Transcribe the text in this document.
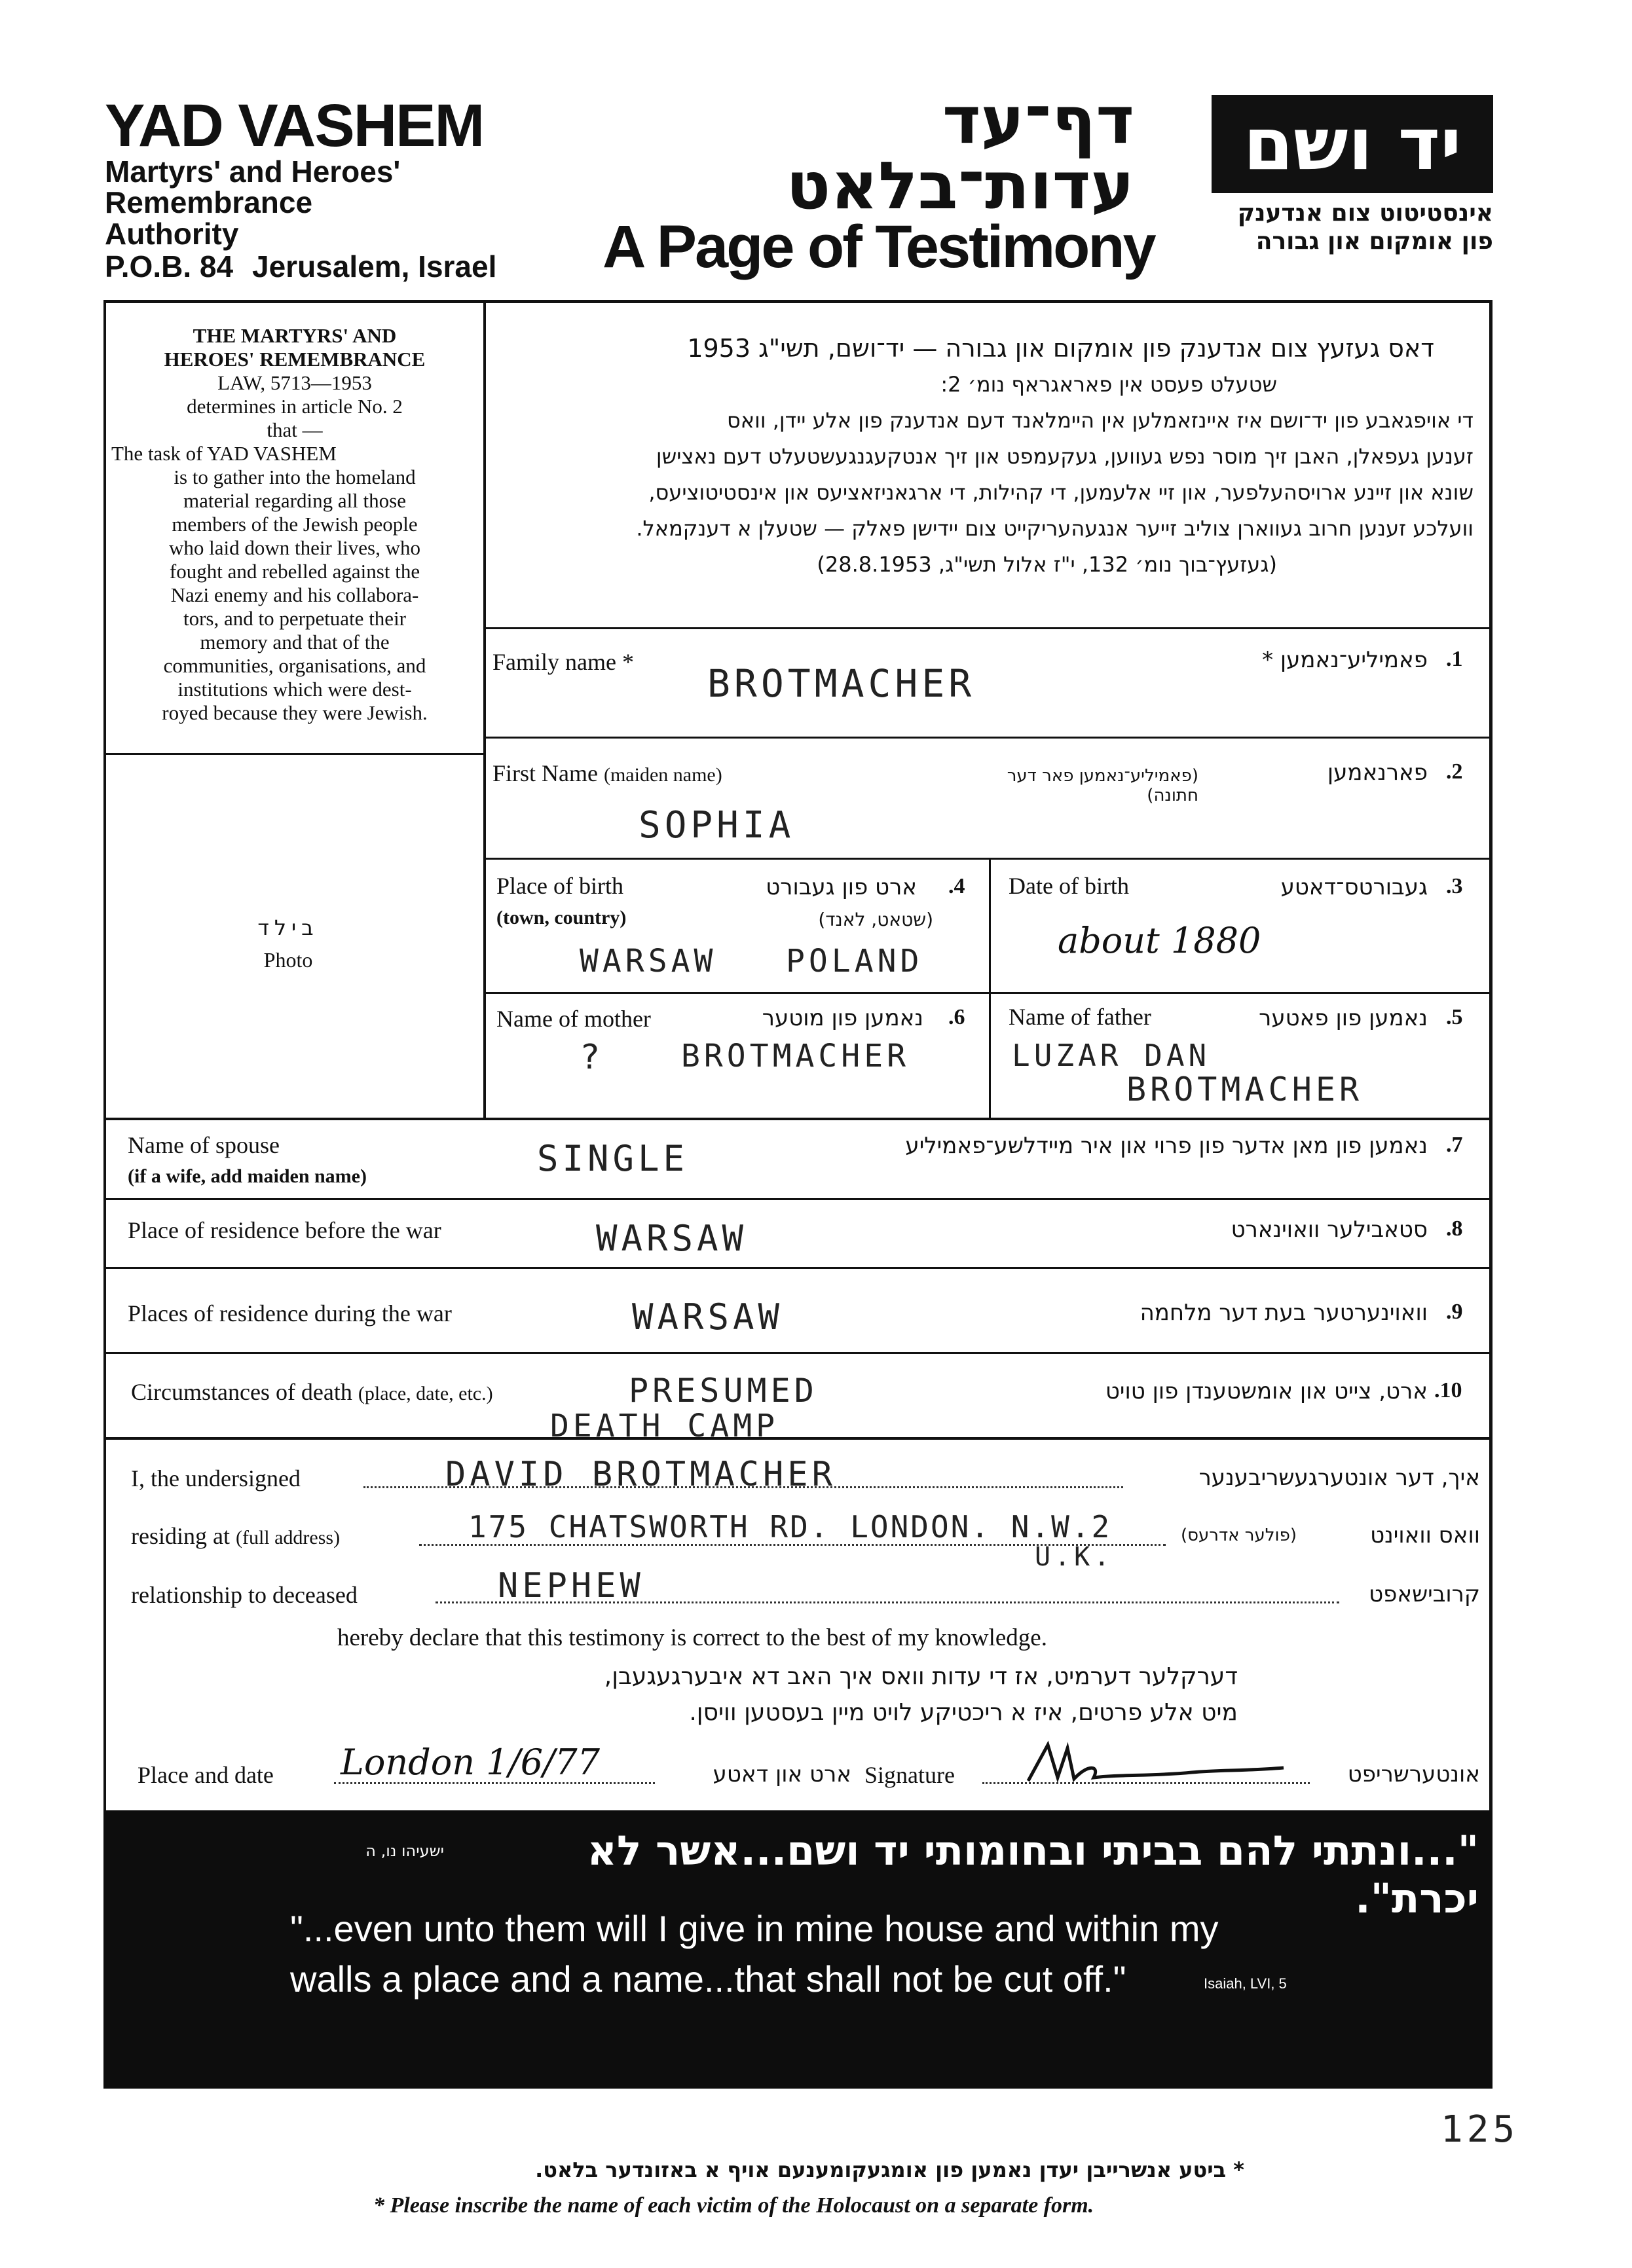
YAD VASHEM
Martyrs' and Heroes'
Remembrance
Authority
P.O.B. 84 Jerusalem, Israel
דף־עד
עדות־בלאט
A Page of Testimony
יד ושם
אינסטיטוט צום אנדענק
פון אומקום און גבורה
THE MARTYRS' AND
HEROES' REMEMBRANCE
LAW, 5713—1953
determines in article No. 2
that —
The task of YAD VASHEM
is to gather into the homeland
material regarding all those
members of the Jewish people
who laid down their lives, who
fought and rebelled against the
Nazi enemy and his collabora-
tors, and to perpetuate their
memory and that of the
communities, organisations, and
institutions which were dest-
royed because they were Jewish.
בילד
Photo
דאס געזעץ צום אנדענק פון אומקום און גבורה — יד־ושם, תשי"ג 1953
שטעלט פעסט אין פאראגראף נומ׳ 2:
די אויפגאבע פון יד־ושם איז איינזאמלען אין היימלאנד דעם אנדענק פון אלע יידן, וואס
זענען געפאלן, האבן זיך מוסר נפש געווען, געקעמפט און זיך אנטקעגנגעשטעלט דעם נאצישן
שונא און זיינע ארויסהעלפער, און זיי אלעמען, די קהילות, די ארגאניזאציעס און אינסטיטוציעס,
וועלכע זענען חרוב געווארן צוליב זייער אנגעהעריקייט צום יידישן פאלק — שטעלן א דענקמאל.
(געזעץ־בוך נומ׳ 132, י"ז אלול תשי"ג, 28.8.1953)
Family name *	פאמיליע־נאמען * .1
BROTMACHER
First Name (maiden name)	(פאמיליע־נאמען פאר דער חתונה)
פארנאמען .2
SOPHIA
Place of birth
(town, country)
ארט פון געבורט
(שטאט, לאנד)
.4
WARSAW POLAND
Date of birth	געבורטס־דאטע .3
about 1880
Name of mother	נאמען פון מוטער .6
? BROTMACHER
Name of father	נאמען פון פאטער .5
LUZAR DAN
BROTMACHER
Name of spouse
(if a wife, add maiden name)	SINGLE	נאמען פון מאן אדער פון פרוי און איר מיידלשע־פאמיליע .7
Place of residence before the war	WARSAW	סטאבילער וואוינארט .8
Places of residence during the war	WARSAW	וואוינערטער בעת דער מלחמה .9
Circumstances of death (place, date, etc.)	PRESUMED
DEATH CAMP
ארט, צייט און אומשטענדן פון טויט .10
I, the undersigned	DAVID BROTMACHER	איך, דער אונטערגעשריבענער
residing at (full address)	175 CHATSWORTH RD. LONDON. N.W.2
U.K.
(פולער אדרעס)	וואס וואוינט
relationship to deceased	NEPHEW	קרובישאפט
hereby declare that this testimony is correct to the best of my knowledge.
דערקלער דערמיט, אז די עדות וואס איך האב דא איבערגעגעבן,
מיט אלע פרטים, איז א ריכטיקע לויט מיין בעסטען וויסן.
Place and date London 1/6/77	ארט און דאטע Signature	אונטערשריפט
"...ונתתי להם בביתי ובחומותי יד ושם...אשר לא יכרת".
ישעיהו נו, ה
"...even unto them will I give in mine house and within my
walls a place and a name...that shall not be cut off."	Isaiah, LVI, 5
125
* ביטע אנשרייבן יעדן נאמען פון אומגעקומענעם אויף א באזונדער בלאט.
* Please inscribe the name of each victim of the Holocaust on a separate form.
